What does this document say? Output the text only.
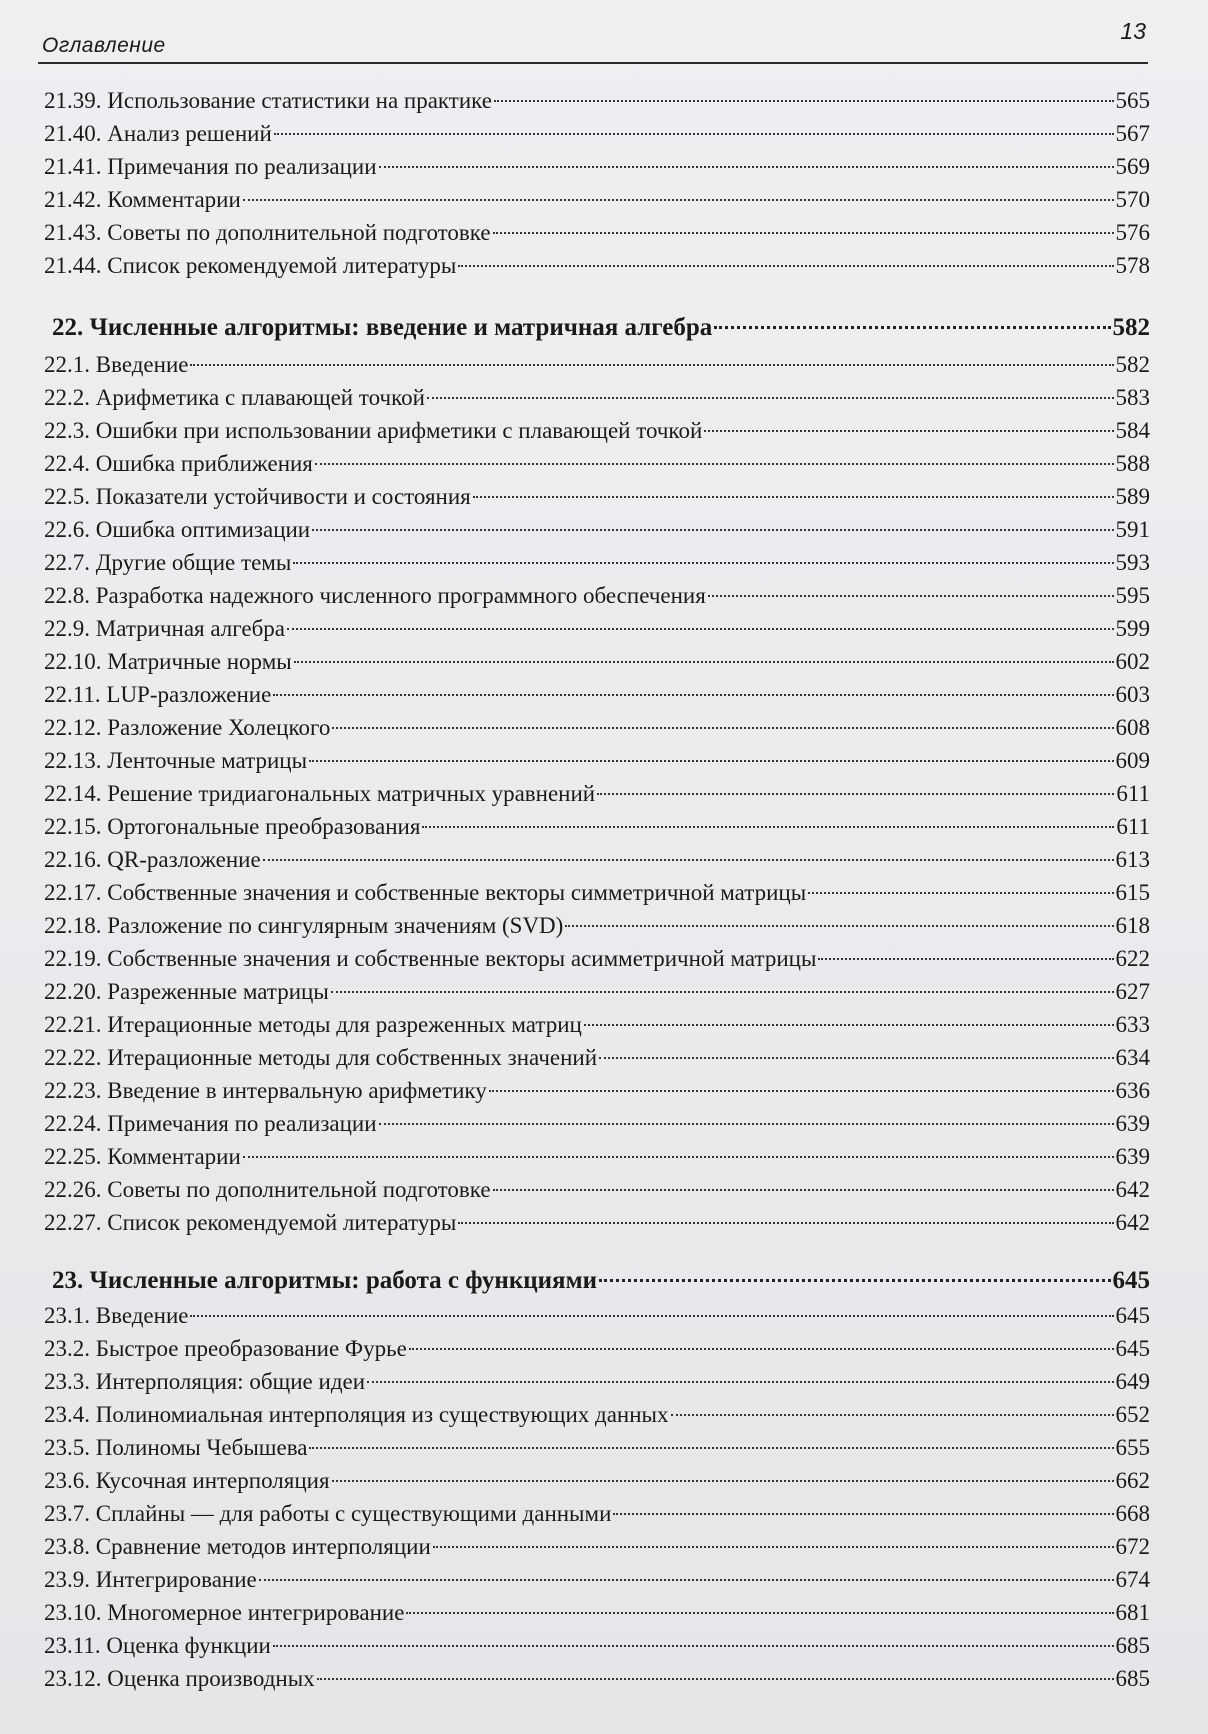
Оглавление
13
21.39. Использование статистики на практике	565
21.40. Анализ решений	567
21.41. Примечания по реализации	569
21.42. Комментарии	570
21.43. Советы по дополнительной подготовке	576
21.44. Список рекомендуемой литературы	578
22. Численные алгоритмы: введение и матричная алгебра	582
22.1. Введение	582
22.2. Арифметика с плавающей точкой	583
22.3. Ошибки при использовании арифметики с плавающей точкой	584
22.4. Ошибка приближения	588
22.5. Показатели устойчивости и состояния	589
22.6. Ошибка оптимизации	591
22.7. Другие общие темы	593
22.8. Разработка надежного численного программного обеспечения	595
22.9. Матричная алгебра	599
22.10. Матричные нормы	602
22.11. LUP-разложение	603
22.12. Разложение Холецкого	608
22.13. Ленточные матрицы	609
22.14. Решение тридиагональных матричных уравнений	611
22.15. Ортогональные преобразования	611
22.16. QR-разложение	613
22.17. Собственные значения и собственные векторы симметричной матрицы	615
22.18. Разложение по сингулярным значениям (SVD)	618
22.19. Собственные значения и собственные векторы асимметричной матрицы	622
22.20. Разреженные матрицы	627
22.21. Итерационные методы для разреженных матриц	633
22.22. Итерационные методы для собственных значений	634
22.23. Введение в интервальную арифметику	636
22.24. Примечания по реализации	639
22.25. Комментарии	639
22.26. Советы по дополнительной подготовке	642
22.27. Список рекомендуемой литературы	642
23. Численные алгоритмы: работа с функциями	645
23.1. Введение	645
23.2. Быстрое преобразование Фурье	645
23.3. Интерполяция: общие идеи	649
23.4. Полиномиальная интерполяция из существующих данных	652
23.5. Полиномы Чебышева	655
23.6. Кусочная интерполяция	662
23.7. Сплайны — для работы с существующими данными	668
23.8. Сравнение методов интерполяции	672
23.9. Интегрирование	674
23.10. Многомерное интегрирование	681
23.11. Оценка функции	685
23.12. Оценка производных	685
